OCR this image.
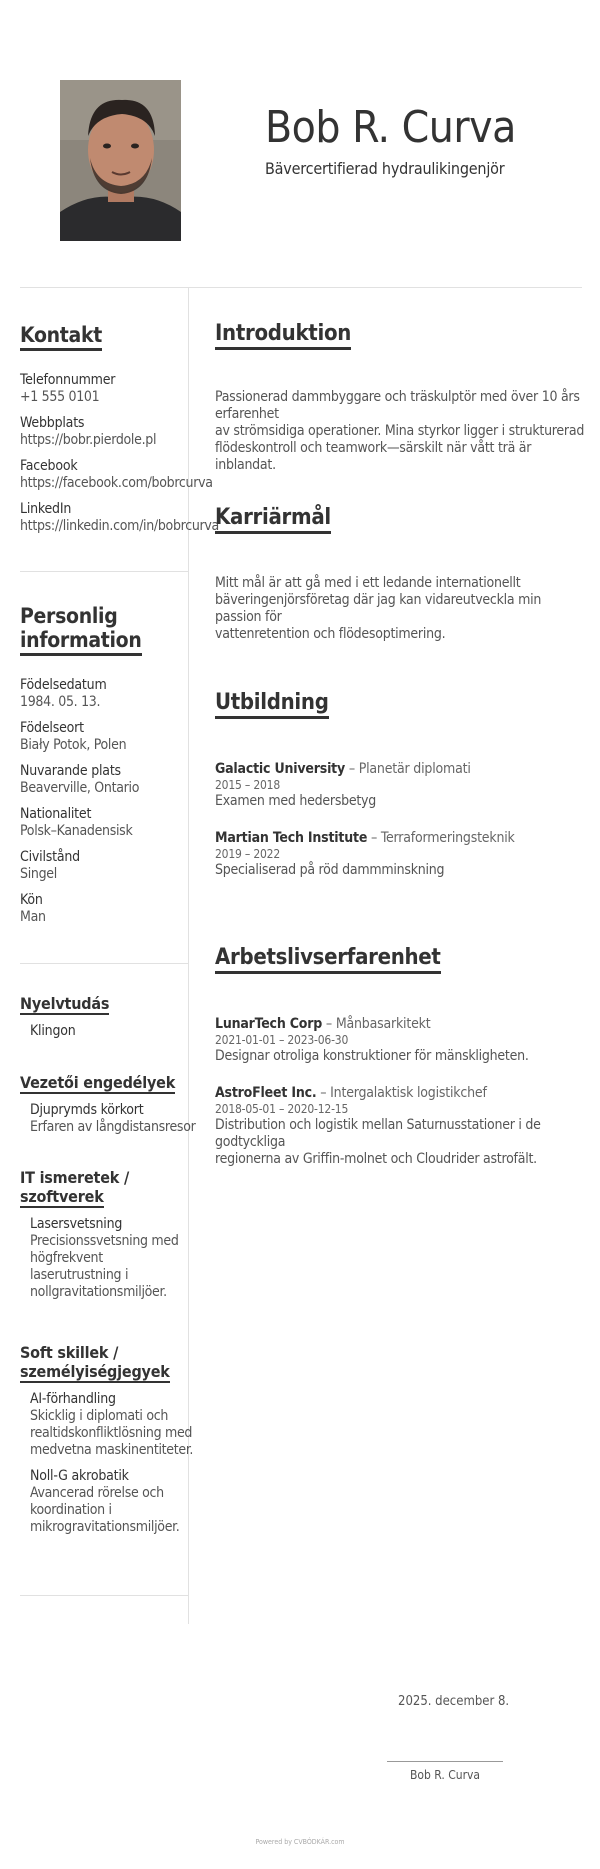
Bob R. Curva
Bävercertifierad hydraulikingenjör
Kontakt
Telefonnummer
+1 555 0101
Webbplats
https://bobr.pierdole.pl
Facebook
https://facebook.com/bobrcurva
LinkedIn
https://linkedin.com/in/bobrcurva
Personlig
information
Födelsedatum
1984. 05. 13.
Födelseort
Biały Potok, Polen
Nuvarande plats
Beaverville, Ontario
Nationalitet
Polsk–Kanadensisk
Civilstånd
Singel
Kön
Man
Nyelvtudás
Klingon
Vezetői engedélyek
Djuprymds körkort
Erfaren av långdistansresor
IT ismeretek /
szoftverek
Lasersvetsning
Precisionssvetsning med
högfrekvent
laserutrustning i
nollgravitationsmiljöer.
Soft skillek /
személyiségjegyek
AI-förhandling
Skicklig i diplomati och
realtidskonfliktlösning med
medvetna maskinentiteter.
Noll-G akrobatik
Avancerad rörelse och
koordination i
mikrogravitationsmiljöer.
Introduktion
Passionerad dammbyggare och träskulptör med över 10 års erfarenhet
av strömsidiga operationer. Mina styrkor ligger i strukturerad
flödeskontroll och teamwork—särskilt när vått trä är inblandat.
Karriärmål
Mitt mål är att gå med i ett ledande internationellt
bäveringenjörsföretag där jag kan vidareutveckla min passion för
vattenretention och flödesoptimering.
Utbildning
Galactic University – Planetär diplomati
2015 – 2018
Examen med hedersbetyg
Martian Tech Institute – Terraformeringsteknik
2019 – 2022
Specialiserad på röd dammminskning
Arbetslivserfarenhet
LunarTech Corp – Månbasarkitekt
2021-01-01 – 2023-06-30
Designar otroliga konstruktioner för mänskligheten.
AstroFleet Inc. – Intergalaktisk logistikchef
2018-05-01 – 2020-12-15
Distribution och logistik mellan Saturnusstationer i de godtyckliga
regionerna av Griffin-molnet och Cloudrider astrofält.
2025. december 8.
Bob R. Curva
Powered by CVBÓDKÁR.com
